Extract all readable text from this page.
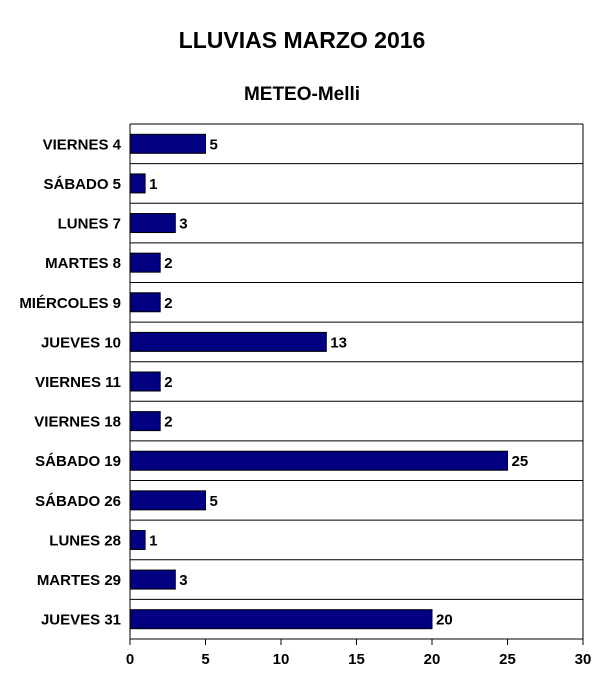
LLUVIAS MARZO 2016
METEO-Melli
0	5	10	15	20	25	30
VIERNES 4	5
SÁBADO 5 1
LUNES 7	3
MARTES 8	2
MIÉRCOLES 9	2
JUEVES 10	13
VIERNES 11	2
VIERNES 18	2
SÁBADO 19	25
SÁBADO 26	5
LUNES 28 1
MARTES 29	3
JUEVES 31	20
